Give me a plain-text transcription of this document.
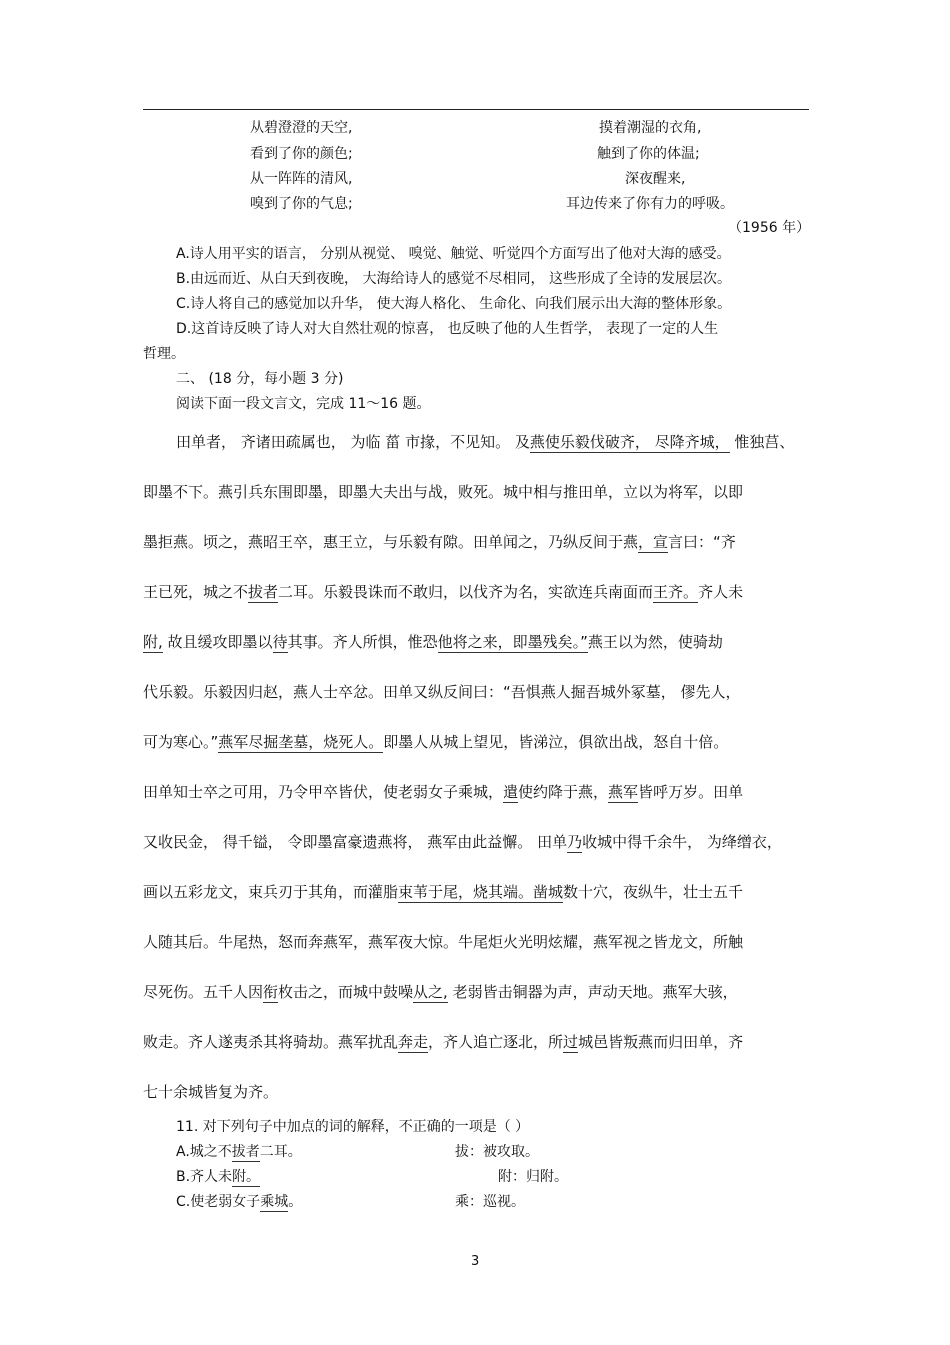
从碧澄澄的天空,
看到了你的颜色;
从一阵阵的清风,
嗅到了你的气息;
摸着潮湿的衣角,
触到了你的体温;
深夜醒来,
耳边传来了你有力的呼吸。
（1956 年）
A.诗人用平实的语言， 分别从视觉、 嗅觉、触觉、听觉四个方面写出了他对大海的感受。
B.由远而近、从白天到夜晚， 大海给诗人的感觉不尽相同， 这些形成了全诗的发展层次。
C.诗人将自己的感觉加以升华， 使大海人格化、 生命化、向我们展示出大海的整体形象。
D.这首诗反映了诗人对大自然壮观的惊喜， 也反映了他的人生哲学， 表现了一定的人生
哲理。
二、 (18 分，每小题 3 分)
阅读下面一段文言文，完成 11～16 题。
田单者， 齐诸田疏属也， 为临 菑 市掾，不见知。 及燕使乐毅伐破齐， 尽降齐城， 惟独莒、
即墨不下。燕引兵东围即墨，即墨大夫出与战，败死。城中相与推田单，立以为将军，以即
墨拒燕。顷之，燕昭王卒，惠王立，与乐毅有隙。田单闻之，乃纵反间于燕，宣言曰：“齐
王已死，城之不拔者二耳。乐毅畏诛而不敢归，以伐齐为名，实欲连兵南面而王齐。齐人未
附, 故且缓攻即墨以待其事。齐人所惧，惟恐他将之来，即墨残矣。”燕王以为然，使骑劫
代乐毅。乐毅因归赵，燕人士卒忿。田单又纵反间曰：“吾惧燕人掘吾城外冢墓， 僇先人，
可为寒心。”燕军尽掘垄墓，烧死人。即墨人从城上望见，皆涕泣，俱欲出战，怒自十倍。
田单知士卒之可用，乃令甲卒皆伏，使老弱女子乘城，遣使约降于燕，燕军皆呼万岁。田单
又收民金， 得千镒， 令即墨富豪遗燕将， 燕军由此益懈。 田单乃收城中得千余牛， 为绛缯衣，
画以五彩龙文，束兵刃于其角，而灌脂束苇于尾，烧其端。凿城数十穴，夜纵牛，壮士五千
人随其后。牛尾热，怒而奔燕军，燕军夜大惊。牛尾炬火光明炫耀，燕军视之皆龙文，所触
尽死伤。五千人因衔枚击之，而城中鼓噪从之, 老弱皆击铜器为声，声动天地。燕军大骇，
败走。齐人遂夷杀其将骑劫。燕军扰乱奔走，齐人追亡逐北，所过城邑皆叛燕而归田单，齐
七十余城皆复为齐。
11. 对下列句子中加点的词的解释，不正确的一项是（ ）
A.城之不拔者二耳。	拔：被攻取。
B.齐人未附。	附：归附。
C.使老弱女子乘城。	乘：巡视。
3
